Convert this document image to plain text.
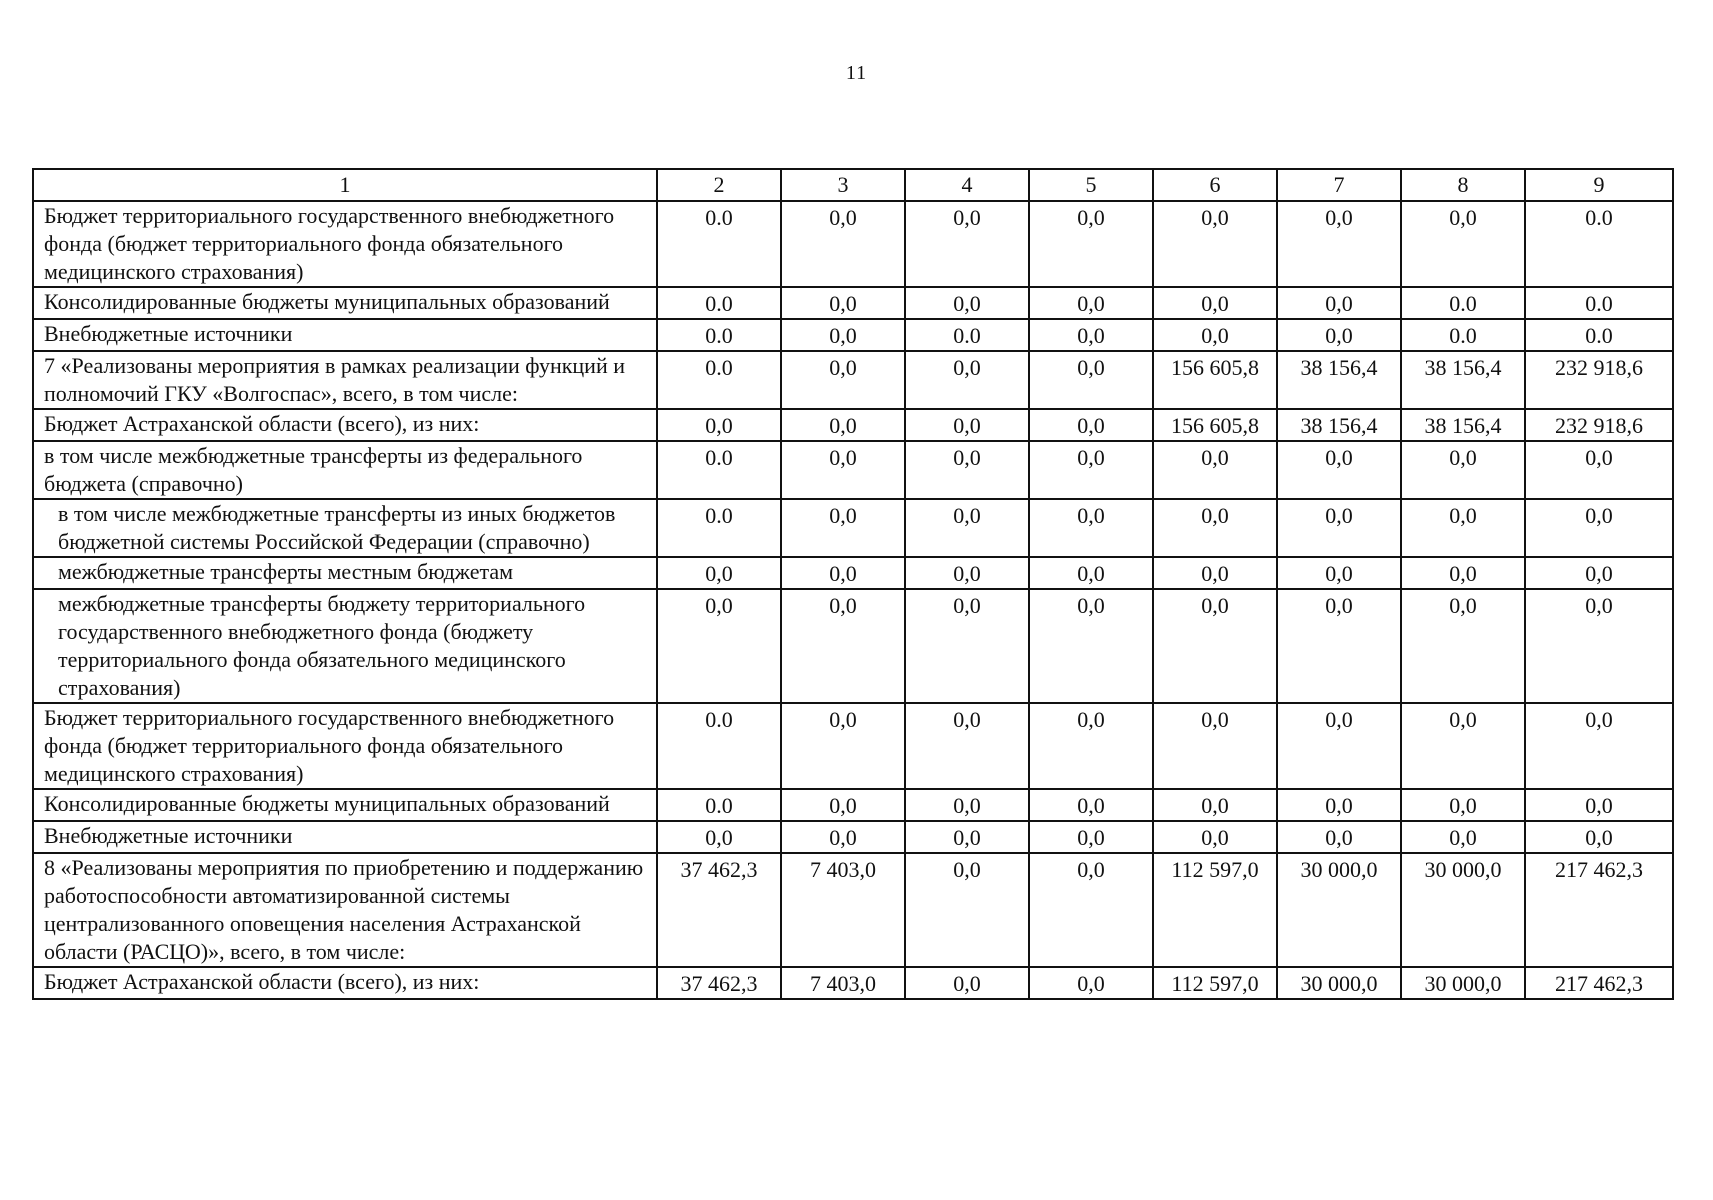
11
1	2	3	4	5	6	7	8	9
Бюджет территориального государственного внебюджетного фонда (бюджет территориального фонда обязательного медицинского страхования)	0.0	0,0	0,0	0,0	0,0	0,0	0,0	0.0
Консолидированные бюджеты муниципальных образований	0.0	0,0	0,0	0,0	0,0	0,0	0.0	0.0
Внебюджетные источники	0.0	0,0	0.0	0,0	0,0	0,0	0.0	0.0
7 «Реализованы мероприятия в рамках реализации функций и полномочий ГКУ «Волгоспас», всего, в том числе:	0.0	0,0	0,0	0,0	156 605,8	38 156,4	38 156,4	232 918,6
Бюджет Астраханской области (всего), из них:	0,0	0,0	0,0	0,0	156 605,8	38 156,4	38 156,4	232 918,6
в том числе межбюджетные трансферты из федерального бюджета (справочно)	0.0	0,0	0,0	0,0	0,0	0,0	0,0	0,0
в том числе межбюджетные трансферты из иных бюджетов бюджетной системы Российской Федерации (справочно)	0.0	0,0	0,0	0,0	0,0	0,0	0,0	0,0
межбюджетные трансферты местным бюджетам	0,0	0,0	0,0	0,0	0,0	0,0	0,0	0,0
межбюджетные трансферты бюджету территориального государственного внебюджетного фонда (бюджету территориального фонда обязательного медицинского страхования)	0,0	0,0	0,0	0,0	0,0	0,0	0,0	0,0
Бюджет территориального государственного внебюджетного фонда (бюджет территориального фонда обязательного медицинского страхования)	0.0	0,0	0,0	0,0	0,0	0,0	0,0	0,0
Консолидированные бюджеты муниципальных образований	0.0	0,0	0,0	0,0	0,0	0,0	0,0	0,0
Внебюджетные источники	0,0	0,0	0,0	0,0	0,0	0,0	0,0	0,0
8 «Реализованы мероприятия по приобретению и поддержанию работоспособности автоматизированной системы централизованного оповещения населения Астраханской области (РАСЦО)», всего, в том числе:	37 462,3	7 403,0	0,0	0,0	112 597,0	30 000,0	30 000,0	217 462,3
Бюджет Астраханской области (всего), из них:	37 462,3	7 403,0	0,0	0,0	112 597,0	30 000,0	30 000,0	217 462,3
